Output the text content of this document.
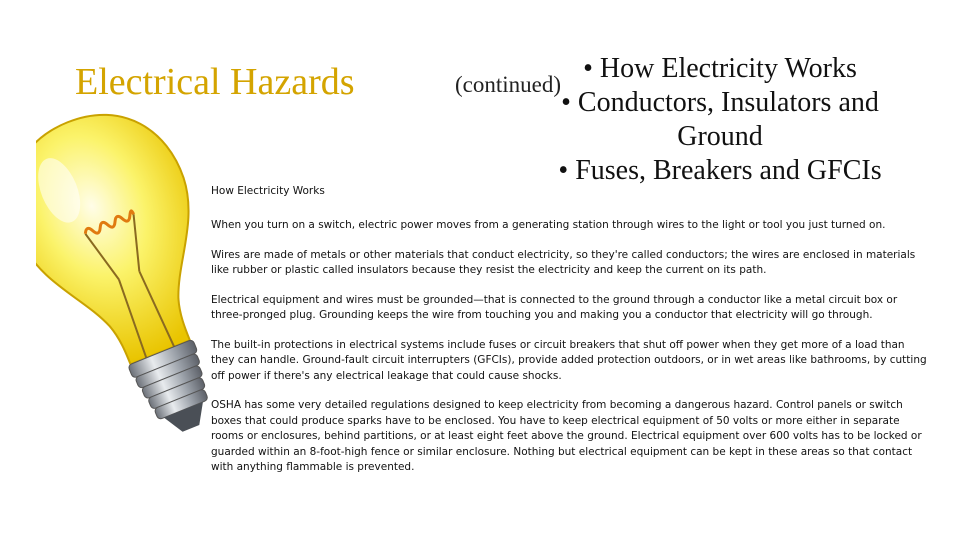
Electrical Hazards	(continued)
• How Electricity Works
• Conductors, Insulators and Ground
• Fuses, Breakers and GFCIs
How Electricity Works

When you turn on a switch, electric power moves from a generating station through wires to the light or tool you just turned on.

Wires are made of metals or other materials that conduct electricity, so they're called conductors; the wires are enclosed in materials like rubber or plastic called insulators because they resist the electricity and keep the current on its path.

Electrical equipment and wires must be grounded—that is connected to the ground through a conductor like a metal circuit box or three-pronged plug. Grounding keeps the wire from touching you and making you a conductor that electricity will go through.

The built-in protections in electrical systems include fuses or circuit breakers that shut off power when they get more of a load than they can handle. Ground-fault circuit interrupters (GFCIs), provide added protection outdoors, or in wet areas like bathrooms, by cutting off power if there's any electrical leakage that could cause shocks.

OSHA has some very detailed regulations designed to keep electricity from becoming a dangerous hazard. Control panels or switch boxes that could produce sparks have to be enclosed. You have to keep electrical equipment of 50 volts or more either in separate rooms or enclosures, behind partitions, or at least eight feet above the ground. Electrical equipment over 600 volts has to be locked or guarded within an 8-foot-high fence or similar enclosure. Nothing but electrical equipment can be kept in these areas so that contact with anything flammable is prevented.
